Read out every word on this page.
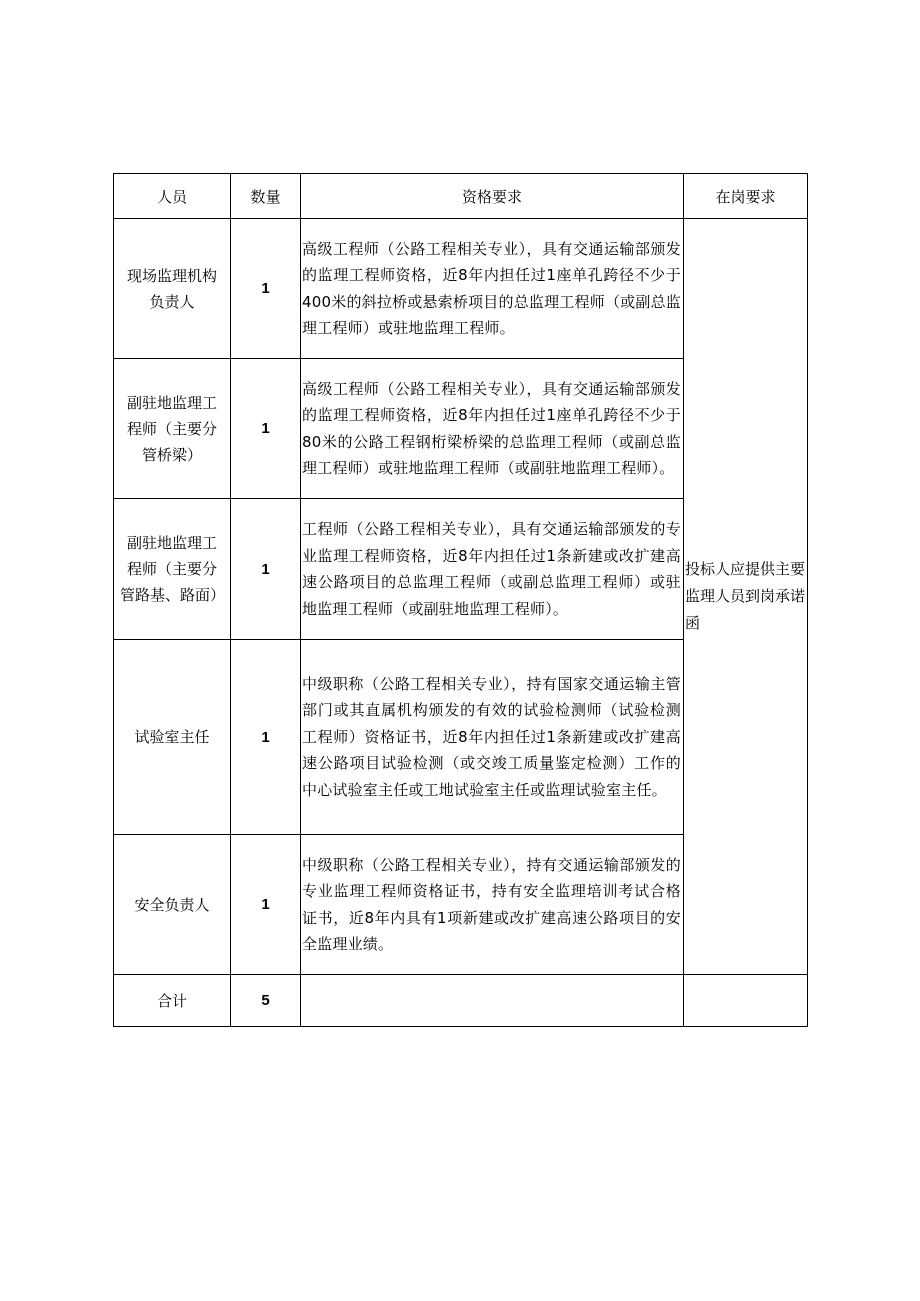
人员	数量	资格要求	在岗要求
现场监理机构负责人	1	高级工程师（公路工程相关专业），具有交通运输部颁发的监理工程师资格，近8年内担任过1座单孔跨径不少于400米的斜拉桥或悬索桥项目的总监理工程师（或副总监理工程师）或驻地监理工程师。	投标人应提供主要监理人员到岗承诺函
副驻地监理工程师（主要分管桥梁）	1	高级工程师（公路工程相关专业），具有交通运输部颁发的监理工程师资格，近8年内担任过1座单孔跨径不少于80米的公路工程钢桁梁桥梁的总监理工程师（或副总监理工程师）或驻地监理工程师（或副驻地监理工程师）。	
副驻地监理工程师（主要分管路基、路面）	1	工程师（公路工程相关专业），具有交通运输部颁发的专业监理工程师资格，近8年内担任过1条新建或改扩建高速公路项目的总监理工程师（或副总监理工程师）或驻地监理工程师（或副驻地监理工程师）。	
试验室主任	1	中级职称（公路工程相关专业），持有国家交通运输主管部门或其直属机构颁发的有效的试验检测师（试验检测工程师）资格证书，近8年内担任过1条新建或改扩建高速公路项目试验检测（或交竣工质量鉴定检测）工作的中心试验室主任或工地试验室主任或监理试验室主任。	
安全负责人	1	中级职称（公路工程相关专业），持有交通运输部颁发的专业监理工程师资格证书，持有安全监理培训考试合格证书，近8年内具有1项新建或改扩建高速公路项目的安全监理业绩。	
合计	5		
